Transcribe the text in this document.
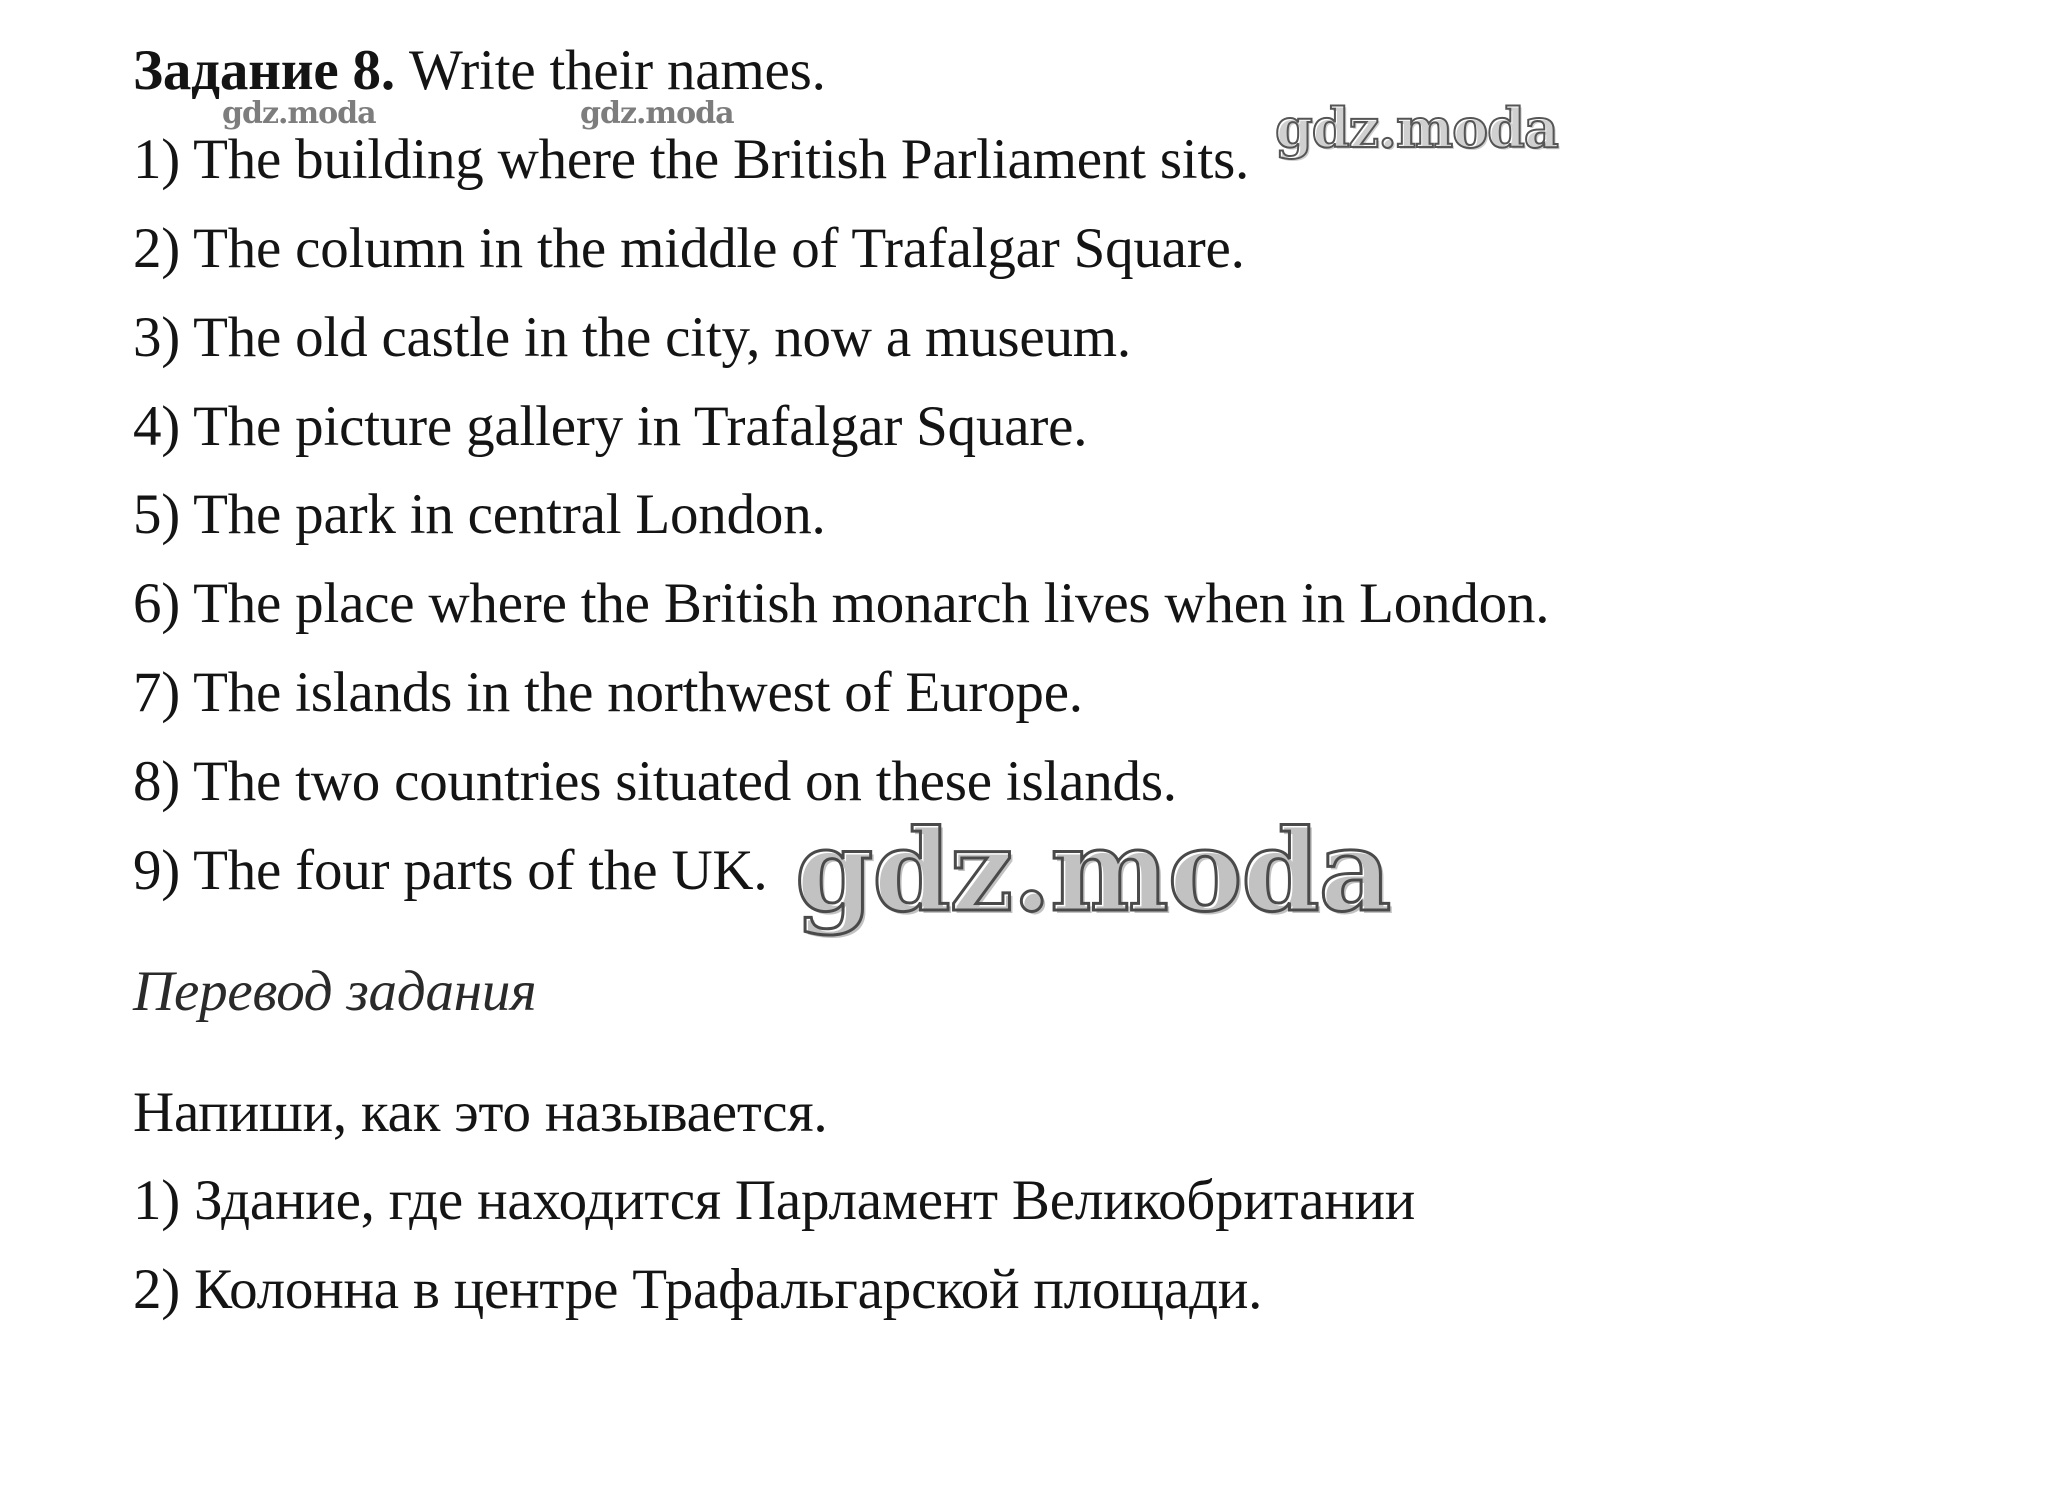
Задание 8. Write their names.
1) The building where the British Parliament sits.
2) The column in the middle of Trafalgar Square.
3) The old castle in the city, now a museum.
4) The picture gallery in Trafalgar Square.
5) The park in central London.
6) The place where the British monarch lives when in London.
7) The islands in the northwest of Europe.
8) The two countries situated on these islands.
9) The four parts of the UK.
Перевод задания
Напиши, как это называется.
1) Здание, где находится Парламент Великобритании
2) Колонна в центре Трафальгарской площади.
gdz.moda	gdz.moda	gdz.moda
gdz.moda
